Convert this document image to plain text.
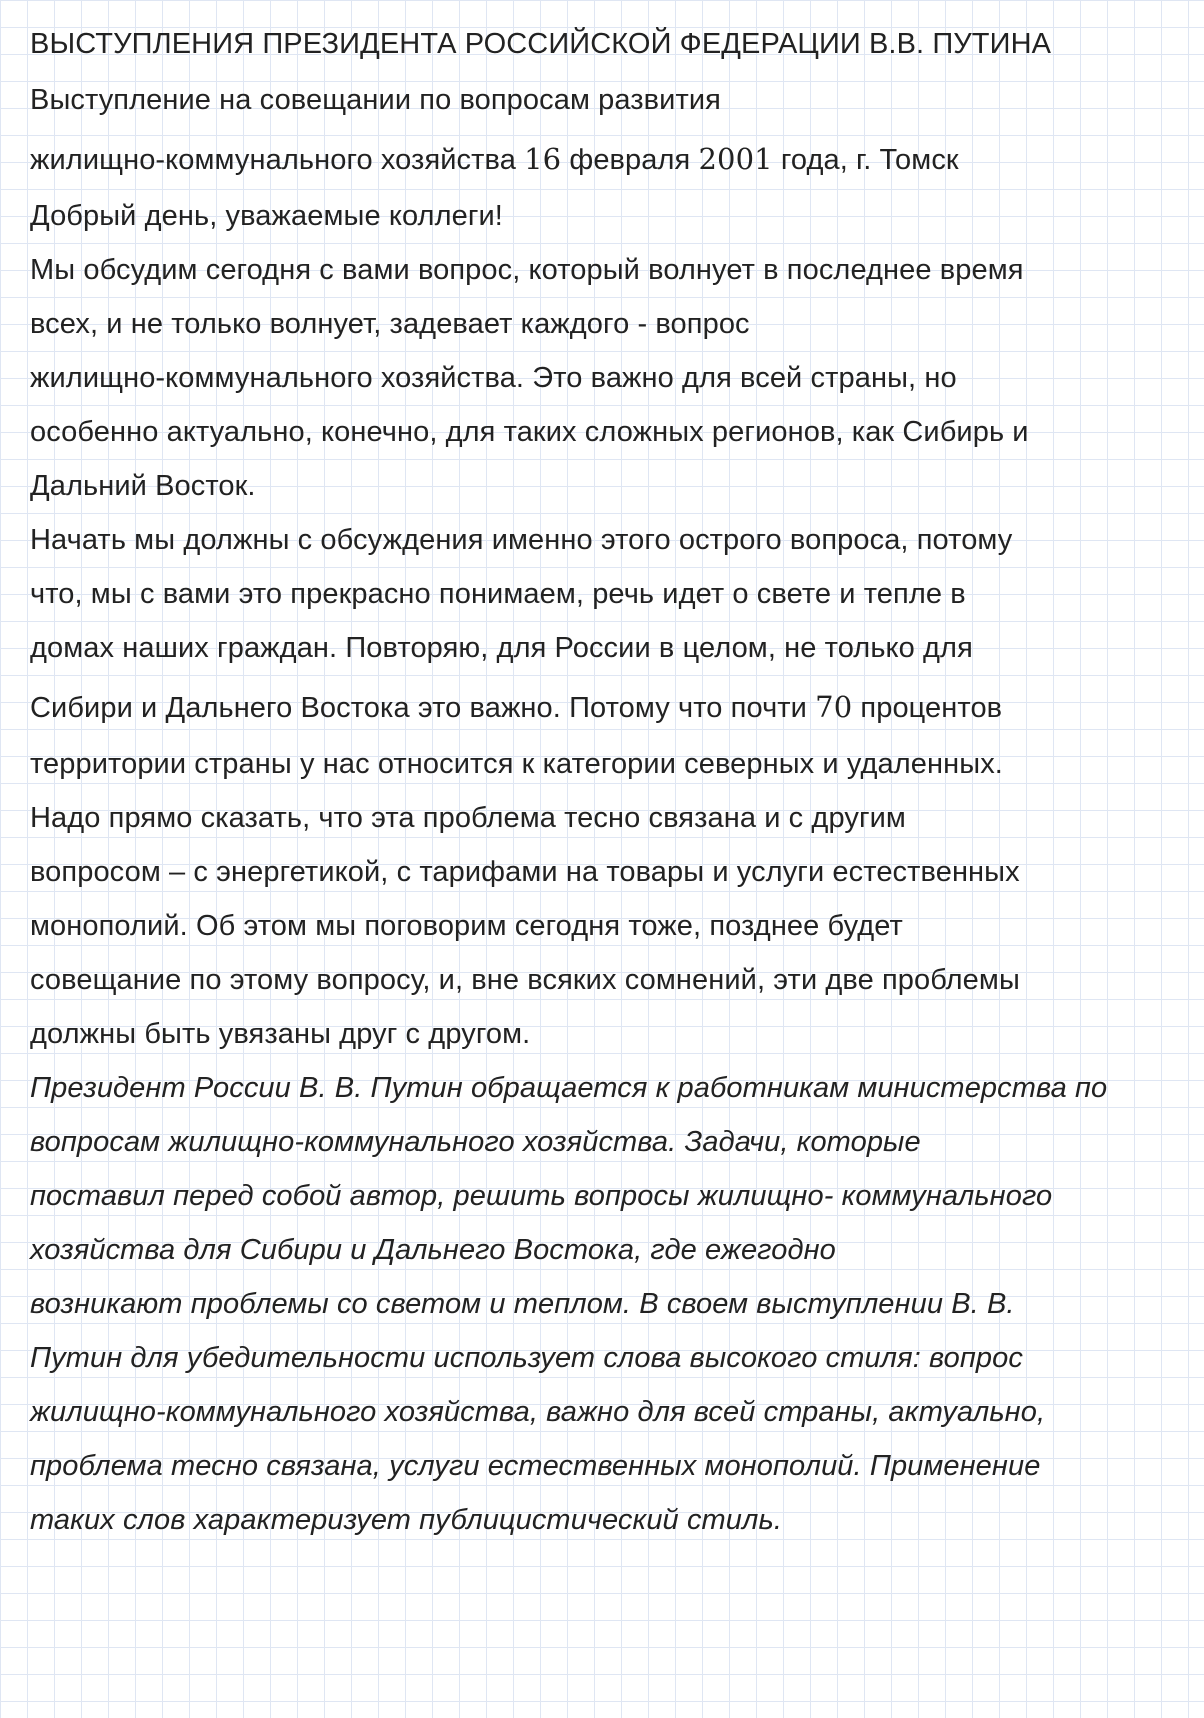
ВЫСТУПЛЕНИЯ ПРЕЗИДЕНТА РОССИЙСКОЙ ФЕДЕРАЦИИ В.В. ПУТИНА
Выступление на совещании по вопросам развития
жилищно-коммунального хозяйства 16 февраля 2001 года, г. Томск
Добрый день, уважаемые коллеги!
Мы обсудим сегодня с вами вопрос, который волнует в последнее время
всех, и не только волнует, задевает каждого - вопрос
жилищно-коммунального хозяйства. Это важно для всей страны, но
особенно актуально, конечно, для таких сложных регионов, как Сибирь и
Дальний Восток.
Начать мы должны с обсуждения именно этого острого вопроса, потому
что, мы с вами это прекрасно понимаем, речь идет о свете и тепле в
домах наших граждан. Повторяю, для России в целом, не только для
Сибири и Дальнего Востока это важно. Потому что почти 70 процентов
территории страны у нас относится к категории северных и удаленных.
Надо прямо сказать, что эта проблема тесно связана и с другим
вопросом – с энергетикой, с тарифами на товары и услуги естественных
монополий. Об этом мы поговорим сегодня тоже, позднее будет
совещание по этому вопросу, и, вне всяких сомнений, эти две проблемы
должны быть увязаны друг с другом.
Президент России В. В. Путин обращается к работникам министерства по
вопросам жилищно-коммунального хозяйства. Задачи, которые
поставил перед собой автор, решить вопросы жилищно- коммунального
хозяйства для Сибири и Дальнего Востока, где ежегодно
возникают проблемы со светом и теплом. В своем выступлении В. В.
Путин для убедительности использует слова высокого стиля: вопрос
жилищно-коммунального хозяйства, важно для всей страны, актуально,
проблема тесно связана, услуги естественных монополий. Применение
таких слов характеризует публицистический стиль.
